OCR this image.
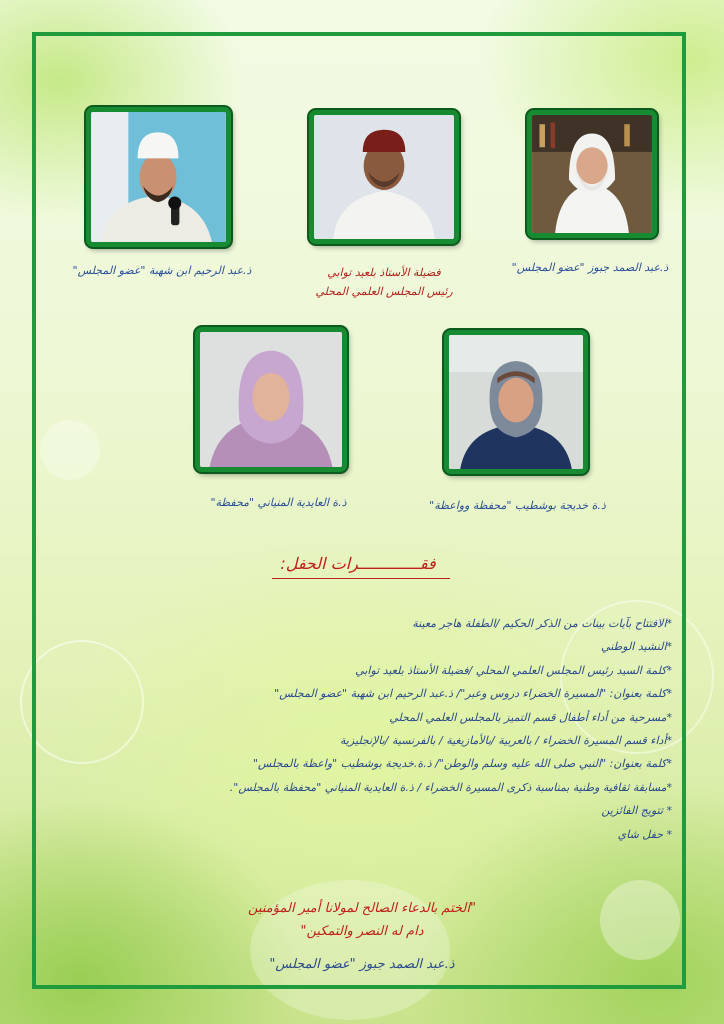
ذ.عبد الصمد جبوز "عضو المجلس"
فضيلة الأستاذ بلعيد توابي
رئيس المجلس العلمي المحلي
ذ.عبد الرحيم ابن شهبة "عضو المجلس"
ذ.ة خديجة بوشطيب "محفظة وواعظة"
ذ.ة العايدية المنياني "محفظة"
فقـــــــــــــرات الحفل:
*الافتتاح بآيات بينات من الذكر الحكيم /الطفلة هاجر معينة
*النشيد الوطني
*كلمة السيد رئيس المجلس العلمي المحلي /فضيلة الأستاذ بلعيد توابي
*كلمة بعنوان: "المسيرة الخضراء دروس وعبر"/ ذ.عبد الرحيم ابن شهبة "عضو المجلس"
*مسرحية من أداء أطفال قسم التميز بالمجلس العلمي المحلي
*أداء قسم المسيرة الخضراء / بالعربية /بالأمازيغية / بالفرنسية /بالإنجليزية
*كلمة بعنوان: "النبي صلى الله عليه وسلم والوطن"/ ذ.ة.خديجة بوشطيب "واعظة بالمجلس"
*مسابقة ثقافية وطنية بمناسبة ذكرى المسيرة الخضراء / ذ.ة العايدية المنياني "محفظة بالمجلس".
* تتويج الفائزين
* حفل شاي
"الختم بالدعاء الصالح لمولانا أمير المؤمنين
دام له النصر والتمكين"
ذ.عبد الصمد جبوز "عضو المجلس"
